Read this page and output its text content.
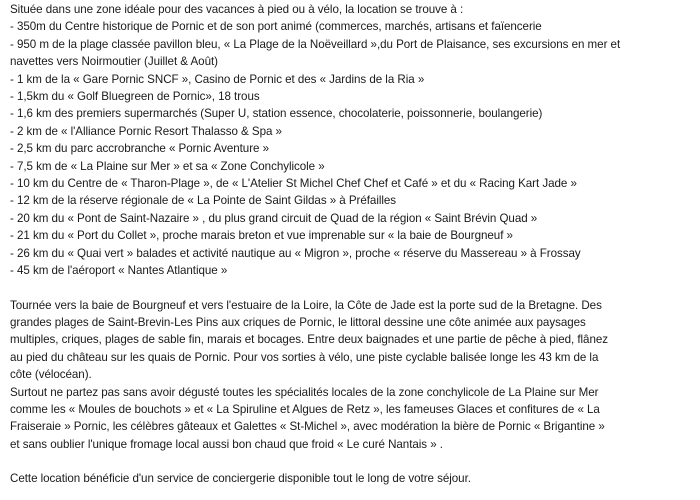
Située dans une zone idéale pour des vacances à pied ou à vélo, la location se trouve à :

- 350m du Centre historique de Pornic et de son port animé (commerces, marchés, artisans et faïencerie
- 950 m de la plage classée pavillon bleu, « La Plage de la Noëveillard »,du Port de Plaisance, ses excursions en mer et
navettes vers Noirmoutier (Juillet & Août)
- 1 km de la « Gare Pornic SNCF », Casino de Pornic et des « Jardins de la Ria »
- 1,5km du « Golf Bluegreen de Pornic», 18 trous
- 1,6 km des premiers supermarchés (Super U, station essence, chocolaterie, poissonnerie, boulangerie)
- 2 km de « l'Alliance Pornic Resort Thalasso & Spa »
- 2,5 km du parc accrobranche « Pornic Aventure »
- 7,5 km de « La Plaine sur Mer » et sa « Zone Conchylicole »
- 10 km du Centre de « Tharon-Plage », de « L'Atelier St Michel Chef Chef et Café » et du « Racing Kart Jade »
- 12 km de la réserve régionale de « La Pointe de Saint Gildas » à Préfailles
- 20 km du « Pont de Saint-Nazaire » , du plus grand circuit de Quad de la région « Saint Brévin Quad »
- 21 km du « Port du Collet », proche marais breton et vue imprenable sur « la baie de Bourgneuf »
- 26 km du « Quai vert » balades et activité nautique au « Migron », proche « réserve du Massereau » à Frossay
- 45 km de l'aéroport « Nantes Atlantique »
Tournée vers la baie de Bourgneuf et vers l'estuaire de la Loire, la Côte de Jade est la porte sud de la Bretagne. Des
grandes plages de Saint-Brevin-Les Pins aux criques de Pornic, le littoral dessine une côte animée aux paysages
multiples, criques, plages de sable fin, marais et bocages. Entre deux baignades et une partie de pêche à pied, flânez
au pied du château sur les quais de Pornic. Pour vos sorties à vélo, une piste cyclable balisée longe les 43 km de la
côte (vélocéan).
Surtout ne partez pas sans avoir dégusté toutes les spécialités locales de la zone conchylicole de La Plaine sur Mer
comme les « Moules de bouchots » et « La Spiruline et Algues de Retz », les fameuses Glaces et confitures de « La
Fraiseraie » Pornic, les célèbres gâteaux et Galettes « St-Michel », avec modération la bière de Pornic « Brigantine »
et sans oublier l'unique fromage local aussi bon chaud que froid « Le curé Nantais » .

Cette location bénéficie d'un service de conciergerie disponible tout le long de votre séjour.
